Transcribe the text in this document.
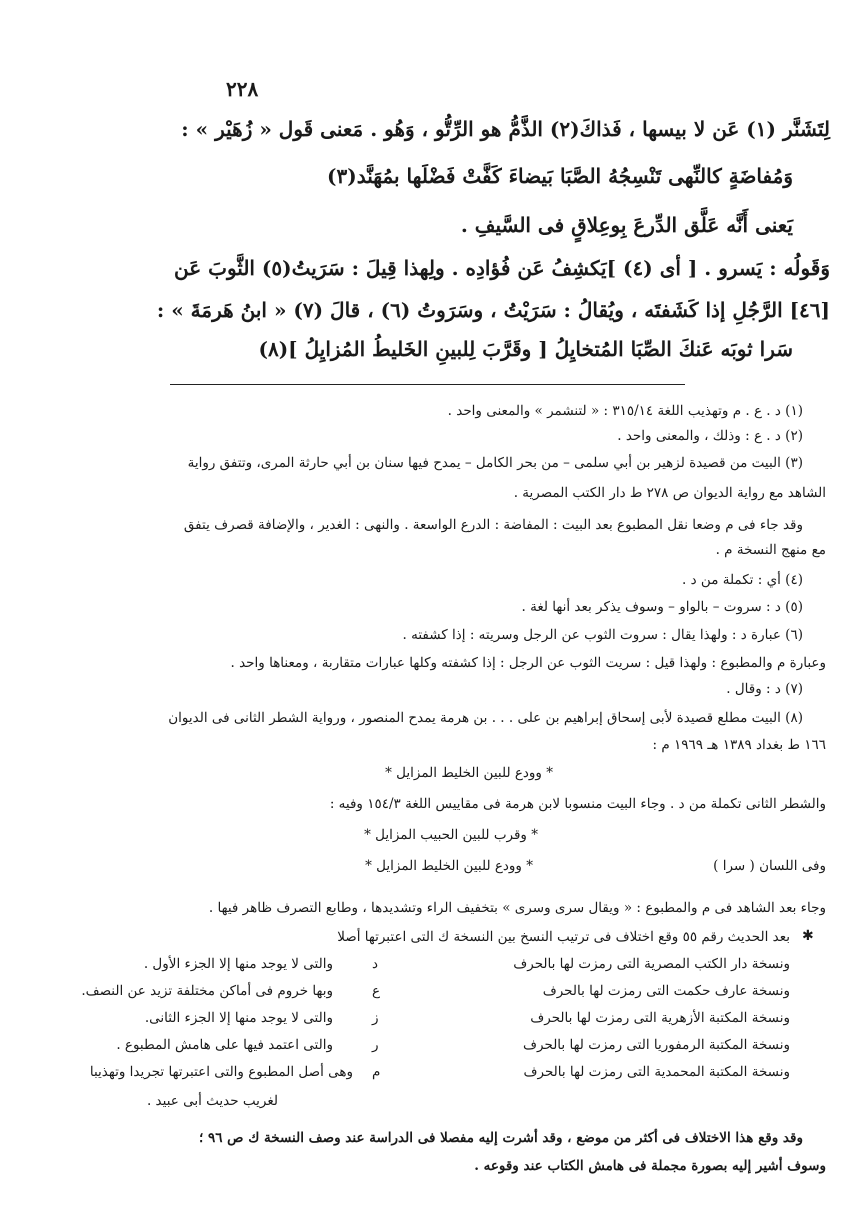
٢٢٨
لِتَشَنَّر (١) عَن لا بيسها ، فَذاكَ(٢) الذَّمُّ هو الرِّتُّو ، وَهُو . مَعنى قَول « زُهَيْر » :
وَمُفاضَةٍ كالنِّهى تَنْسِجُهُ الصَّبَا بَيضاءَ كَفَّتْ فَضْلَها بمُهَنَّد(٣)
يَعنى أَنَّه عَلَّق الدِّرعَ بِوعِلاقٍ فى السَّيفِ .
وَقَولُه : يَسرو . [ أى (٤) ]يَكشِفُ عَن فُؤادِه . ولِهذا قِيلَ : سَرَيتُ(٥) الثَّوبَ عَن
[٤٦] الرَّجُلِ إذا كَشَفتَه ، ويُقالُ : سَرَيْتُ ، وسَرَوتُ (٦) ، قالَ (٧) « ابنُ هَرمَةَ » :
سَرا ثوبَه عَنكَ الصِّبَا المُتخايِلُ [ وقَرَّبَ لِلبينِ الخَليطُ المُزايِلُ ](٨)
(١) د . ع . م وتهذيب اللغة ٣١٥/١٤ : « لتنشمر » والمعنى واحد .
(٢) د . ع : وذلك ، والمعنى واحد .
(٣) البيت من قصيدة لزهير بن أبي سلمى – من بحر الكامل – يمدح فيها سنان بن أبي حارثة المرى، وتتفق رواية
الشاهد مع رواية الديوان ص ٢٧٨ ط دار الكتب المصرية .
وقد جاء فى م وضعا نقل المطبوع بعد البيت : المفاضة : الدرع الواسعة . والنهى : الغدير ، والإضافة قصرف يتفق
مع منهج النسخة م .
(٤) أي : تكملة من د .
(٥) د : سروت – بالواو – وسوف يذكر بعد أنها لغة .
(٦) عبارة د : ولهذا يقال : سروت الثوب عن الرجل وسريته : إذا كشفته .
وعبارة م والمطبوع : ولهذا قيل : سريت الثوب عن الرجل : إذا كشفته وكلها عبارات متقاربة ، ومعناها واحد .
(٧) د : وقال .
(٨) البيت مطلع قصيدة لأبى إسحاق إبراهيم بن على . . . بن هرمة يمدح المنصور ، ورواية الشطر الثانى فى الديوان
١٦٦ ط بغداد ١٣٨٩ هـ ١٩٦٩ م :
* وودع للبين الخليط المزايل *
والشطر الثانى تكملة من د . وجاء البيت منسوبا لابن هرمة فى مقاييس اللغة ١٥٤/٣ وفيه :
* وقرب للبين الحبيب المزايل *
* وودع للبين الخليط المزايل *	وفى اللسان ( سرا )
وجاء بعد الشاهد فى م والمطبوع : « ويقال سرى وسرى » بتخفيف الراء وتشديدها ، وطابع التصرف ظاهر فيها .
✱
بعد الحديث رقم ٥٥ وقع اختلاف فى ترتيب النسخ بين النسخة ك التى اعتبرتها أصلا
ونسخة دار الكتب المصرية التى رمزت لها بالحرف
د
والتى لا يوجد منها إلا الجزء الأول .
ونسخة عارف حكمت التى رمزت لها بالحرف
ع
وبها خروم فى أماكن مختلفة تزيد عن النصف.
ونسخة المكتبة الأزهرية التى رمزت لها بالحرف
ز
والتى لا يوجد منها إلا الجزء الثانى.
ونسخة المكتبة الرمفوريا التى رمزت لها بالحرف
ر
والتى اعتمد فيها على هامش المطبوع .
ونسخة المكتبة المحمدية التى رمزت لها بالحرف
م
وهى أصل المطبوع والتى اعتبرتها تجريدا وتهذيبا
لغريب حديث أبى عبيد .
وقد وقع هذا الاختلاف فى أكثر من موضع ، وقد أشرت إليه مفصلا فى الدراسة عند وصف النسخة ك ص ٩٦ ؛
وسوف أشير إليه بصورة مجملة فى هامش الكتاب عند وقوعه .
